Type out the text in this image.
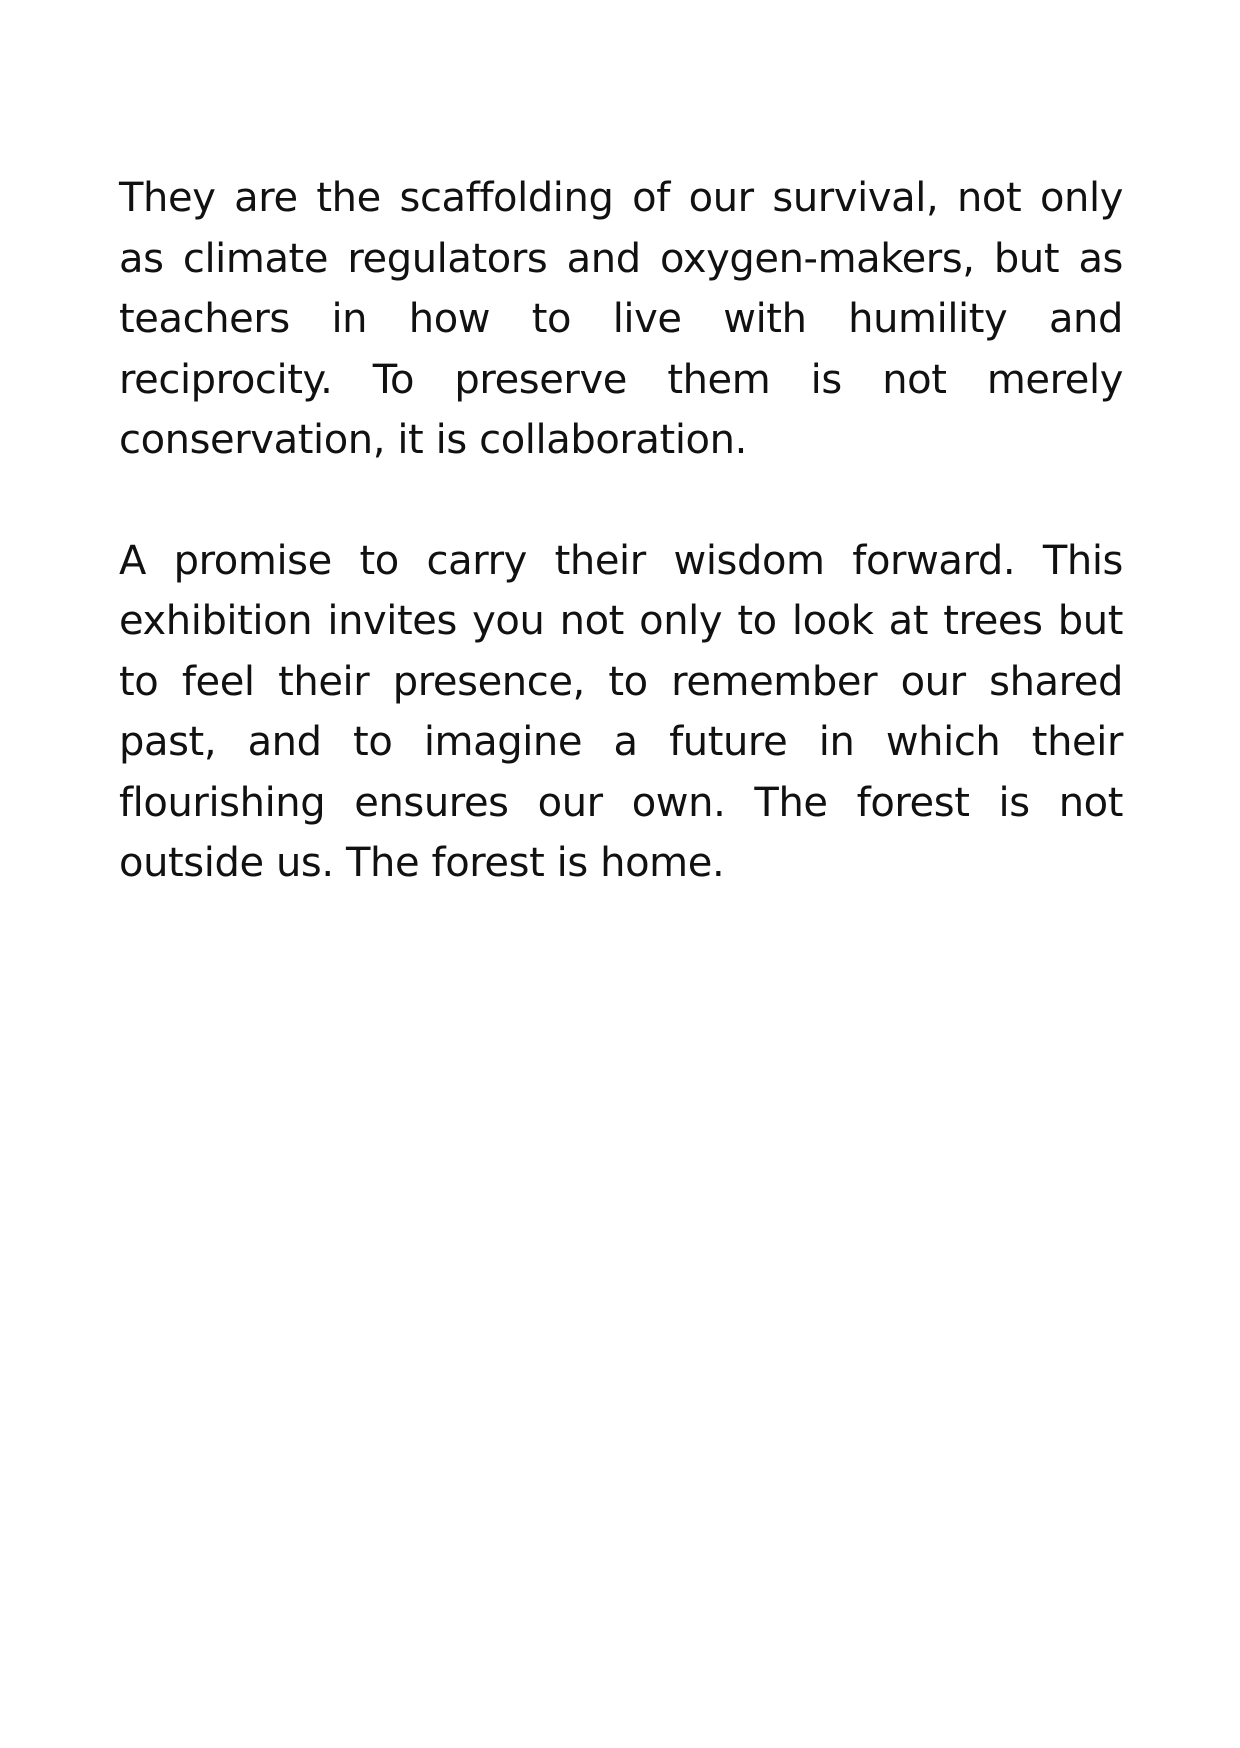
They are the scaffolding of our survival, not only as climate regulators and oxygen-makers, but as teachers in how to live with humility and reciprocity. To preserve them is not merely conservation, it is collaboration.

A promise to carry their wisdom forward. This exhibition invites you not only to look at trees but to feel their presence, to remember our shared past, and to imagine a future in which their flourishing ensures our own. The forest is not outside us. The forest is home.
